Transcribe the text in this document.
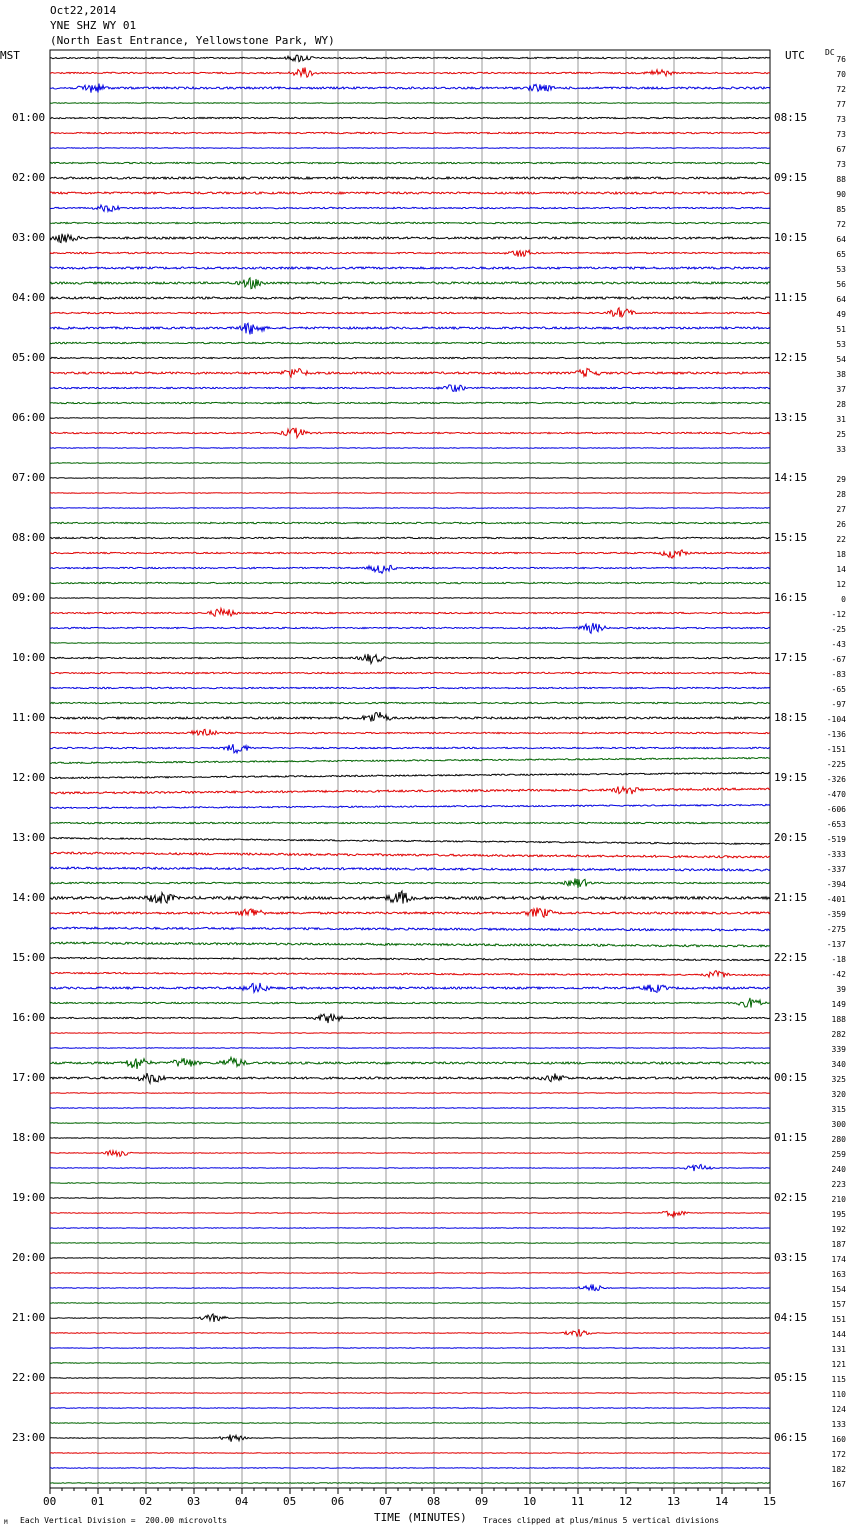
Oct22,2014
YNE SHZ WY 01
(North East Entrance, Yellowstone Park, WY)
MST	UTC	DC
76
70
72
77
73
73
67
73
88
90
85
72
64
65
53
56
64
49
51
53
54
38
37
28
31
25
33
29
28
27
26
22
18
14
12
0
-12
-25
-43
-67
-83
-65
-97
-104
-136
-151
-225
-326
-470
-606
-653
-519
-333
-337
-394
-401
-359
-275
-137
-18
-42
39
149
188
282
339
340
325
320
315
300
280
259
240
223
210
195
192
187
174
163
154
157
151
144
131
121
115
110
124
133
160
172
182
167
01:00	08:15
02:00	09:15
03:00	10:15
04:00	11:15
05:00	12:15
06:00	13:15
07:00	14:15
08:00	15:15
09:00	16:15
10:00	17:15
11:00	18:15
12:00	19:15
13:00	20:15
14:00	21:15
15:00	22:15
16:00	23:15
17:00	00:15
18:00	01:15
19:00	02:15
20:00	03:15
21:00	04:15
22:00	05:15
23:00	06:15
00	01	02	03	04	05	06	07	08	09	10	11	12	13	14	15
M Each Vertical Division =  200.00 microvolts	TIME (MINUTES) Traces clipped at plus/minus 5 vertical divisions
